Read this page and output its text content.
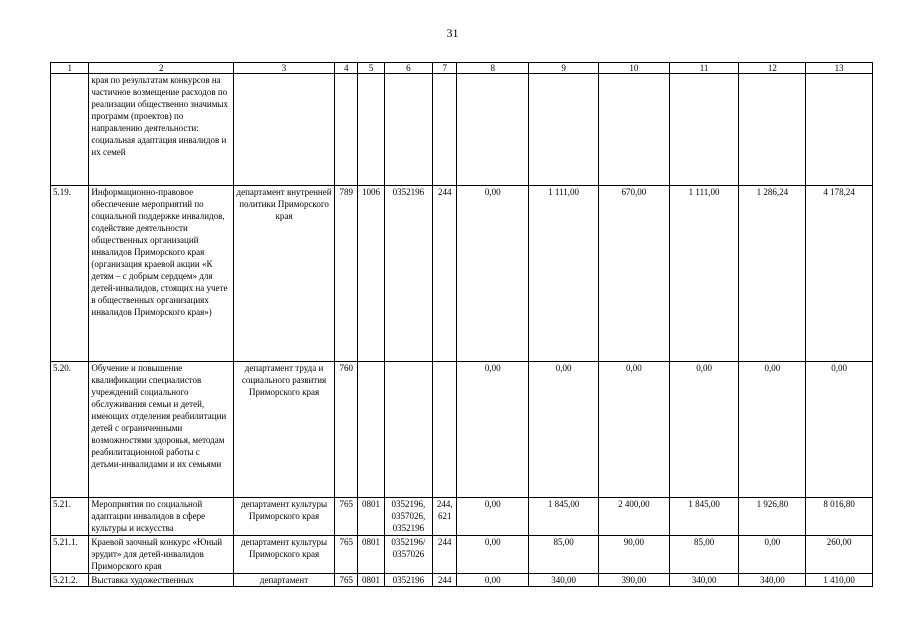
31
1	2	3	4	5	6	7	8	9	10	11	12	13
	края по результатам конкурсов на частичное возмещение расходов по реализации общественно значимых программ (проектов) по направлению деятельности: социальная адаптация инвалидов и их семей											
5.19.	Информационно-правовое обеспечение мероприятий по социальной поддержке инвалидов, содействие деятельности общественных организаций инвалидов Приморского края (организация краевой акции «К детям – с добрым сердцем» для детей-инвалидов, стоящих на учете в общественных организациях инвалидов Приморского края»)	департамент внутренней политики Приморского края	789	1006	0352196	244	0,00	1 111,00	670,00	1 111,00	1 286,24	4 178,24
5.20.	Обучение и повышение квалификации специалистов учреждений социального обслуживания семьи и детей, имеющих отделения реабилитации детей с ограниченными возможностями здоровья, методам реабилитационной работы с детьми-инвалидами и их семьями	департамент труда и социального развития Приморского края	760				0,00	0,00	0,00	0,00	0,00	0,00
5.21.	Мероприятия по социальной адаптации инвалидов в сфере культуры и искусства	департамент культуры Приморского края	765	0801	0352196, 0357026, 0352196	244, 621	0,00	1 845,00	2 400,00	1 845,00	1 926,80	8 016,80
5.21.1.	Краевой заочный конкурс «Юный эрудит» для детей-инвалидов Приморского края	департамент культуры Приморского края	765	0801	0352196/ 0357026	244	0,00	85,00	90,00	85,00	0,00	260,00
5.21.2.	Выставка художественных	департамент	765	0801	0352196	244	0,00	340,00	390,00	340,00	340,00	1 410,00
